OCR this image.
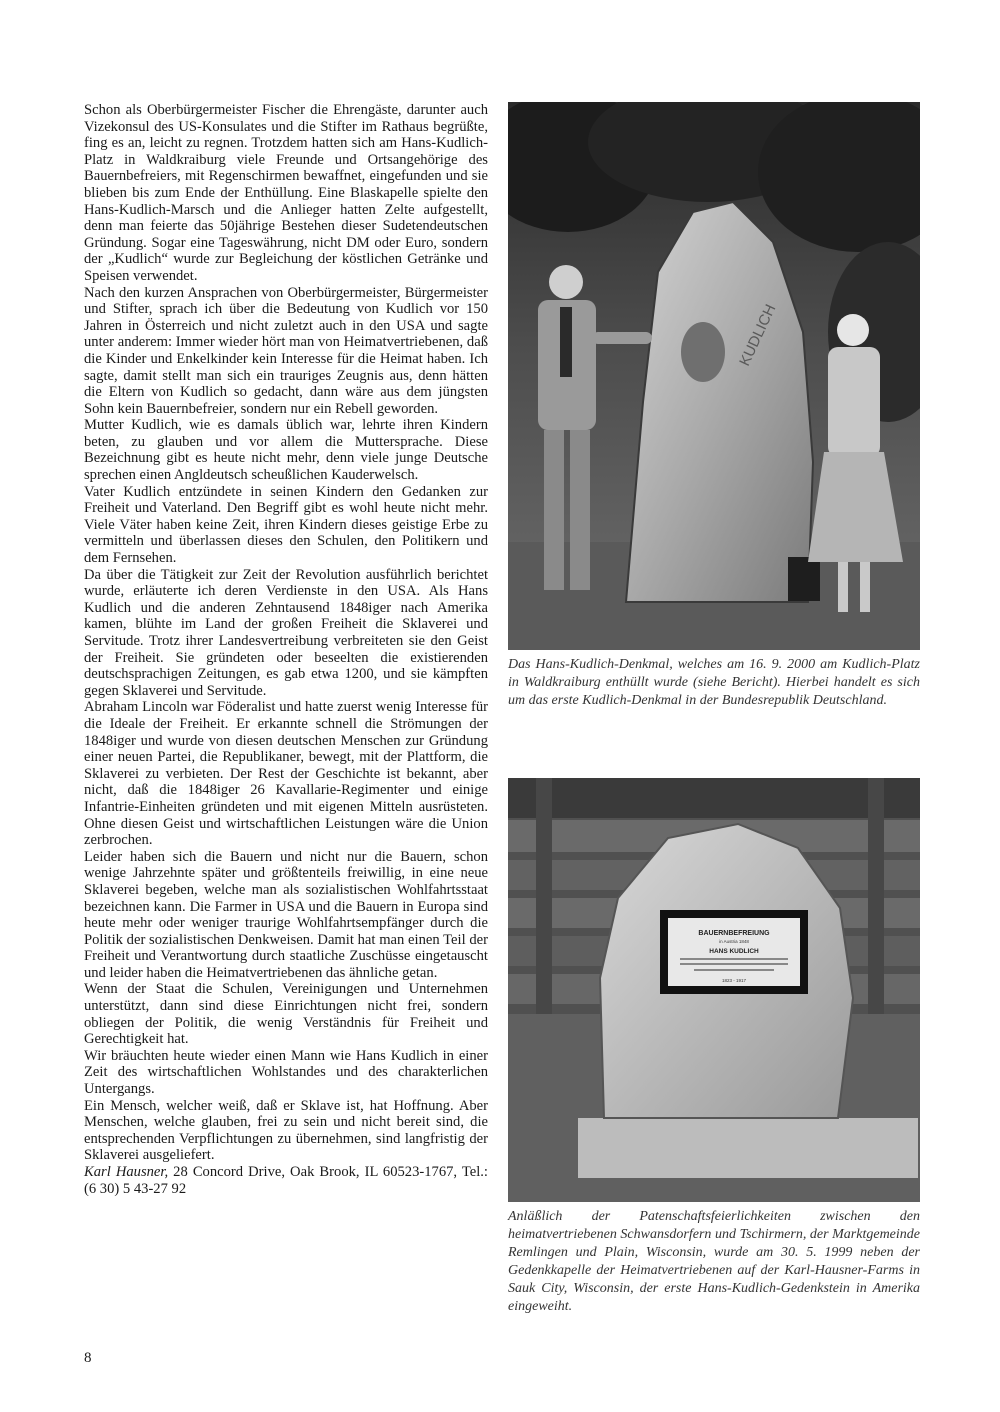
Schon als Oberbürgermeister Fischer die Ehrengäste, darunter auch Vizekonsul des US-Konsulates und die Stifter im Rathaus begrüßte, fing es an, leicht zu regnen. Trotzdem hatten sich am Hans-Kudlich-Platz in Waldkraiburg viele Freunde und Ortsangehörige des Bauernbefreiers, mit Regenschirmen bewaffnet, eingefunden und sie blieben bis zum Ende der Enthüllung. Eine Blaskapelle spielte den Hans-Kudlich-Marsch und die Anlieger hatten Zelte aufgestellt, denn man feierte das 50jährige Bestehen dieser Sudetendeutschen Gründung. Sogar eine Tageswährung, nicht DM oder Euro, sondern der „Kudlich“ wurde zur Begleichung der köstlichen Getränke und Speisen verwendet.

Nach den kurzen Ansprachen von Oberbürgermeister, Bürgermeister und Stifter, sprach ich über die Bedeutung von Kudlich vor 150 Jahren in Österreich und nicht zuletzt auch in den USA und sagte unter anderem: Immer wieder hört man von Heimatvertriebenen, daß die Kinder und Enkelkinder kein Interesse für die Heimat haben. Ich sagte, damit stellt man sich ein trauriges Zeugnis aus, denn hätten die Eltern von Kudlich so gedacht, dann wäre aus dem jüngsten Sohn kein Bauernbefreier, sondern nur ein Rebell geworden.

Mutter Kudlich, wie es damals üblich war, lehrte ihren Kindern beten, zu glauben und vor allem die Muttersprache. Diese Bezeichnung gibt es heute nicht mehr, denn viele junge Deutsche sprechen einen Angldeutsch scheußlichen Kauderwelsch.

Vater Kudlich entzündete in seinen Kindern den Gedanken zur Freiheit und Vaterland. Den Begriff gibt es wohl heute nicht mehr. Viele Väter haben keine Zeit, ihren Kindern dieses geistige Erbe zu vermitteln und überlassen dieses den Schulen, den Politikern und dem Fernsehen.

Da über die Tätigkeit zur Zeit der Revolution ausführlich berichtet wurde, erläuterte ich deren Verdienste in den USA. Als Hans Kudlich und die anderen Zehntausend 1848iger nach Amerika kamen, blühte im Land der großen Freiheit die Sklaverei und Servitude. Trotz ihrer Landesvertreibung verbreiteten sie den Geist der Freiheit. Sie gründeten oder beseelten die existierenden deutschsprachigen Zeitungen, es gab etwa 1200, und sie kämpften gegen Sklaverei und Servitude.

Abraham Lincoln war Föderalist und hatte zuerst wenig Interesse für die Ideale der Freiheit. Er erkannte schnell die Strömungen der 1848iger und wurde von diesen deutschen Menschen zur Gründung einer neuen Partei, die Republikaner, bewegt, mit der Plattform, die Sklaverei zu verbieten. Der Rest der Geschichte ist bekannt, aber nicht, daß die 1848iger 26 Kavallarie-Regimenter und einige Infantrie-Einheiten gründeten und mit eigenen Mitteln ausrüsteten. Ohne diesen Geist und wirtschaftlichen Leistungen wäre die Union zerbrochen.

Leider haben sich die Bauern und nicht nur die Bauern, schon wenige Jahrzehnte später und größtenteils freiwillig, in eine neue Sklaverei begeben, welche man als sozialistischen Wohlfahrtsstaat bezeichnen kann. Die Farmer in USA und die Bauern in Europa sind heute mehr oder weniger traurige Wohlfahrtsempfänger durch die Politik der sozialistischen Denkweisen. Damit hat man einen Teil der Freiheit und Verantwortung durch staatliche Zuschüsse eingetauscht und leider haben die Heimatvertriebenen das ähnliche getan.

Wenn der Staat die Schulen, Vereinigungen und Unternehmen unterstützt, dann sind diese Einrichtungen nicht frei, sondern obliegen der Politik, die wenig Verständnis für Freiheit und Gerechtigkeit hat.

Wir bräuchten heute wieder einen Mann wie Hans Kudlich in einer Zeit des wirtschaftlichen Wohlstandes und des charakterlichen Untergangs.

Ein Mensch, welcher weiß, daß er Sklave ist, hat Hoffnung. Aber Menschen, welche glauben, frei zu sein und nicht bereit sind, die entsprechenden Verpflichtungen zu übernehmen, sind langfristig der Sklaverei ausgeliefert.

Karl Hausner, 28 Concord Drive, Oak Brook, IL 60523-1767, Tel.: (6 30) 5 43-27 92

KUDLICH

Das Hans-Kudlich-Denkmal, welches am 16. 9. 2000 am Kudlich-Platz in Waldkraiburg enthüllt wurde (siehe Bericht). Hierbei handelt es sich um das erste Kudlich-Denkmal in der Bundesrepublik Deutschland.

BAUERNBEFREIUNG
in Austria 1848
HANS KUDLICH
1823 - 1917

Anläßlich der Patenschaftsfeierlichkeiten zwischen den heimatvertriebenen Schwansdorfern und Tschirmern, der Marktgemeinde Remlingen und Plain, Wisconsin, wurde am 30. 5. 1999 neben der Gedenkkapelle der Heimatvertriebenen auf der Karl-Hausner-Farms in Sauk City, Wisconsin, der erste Hans-Kudlich-Gedenkstein in Amerika eingeweiht.

8
